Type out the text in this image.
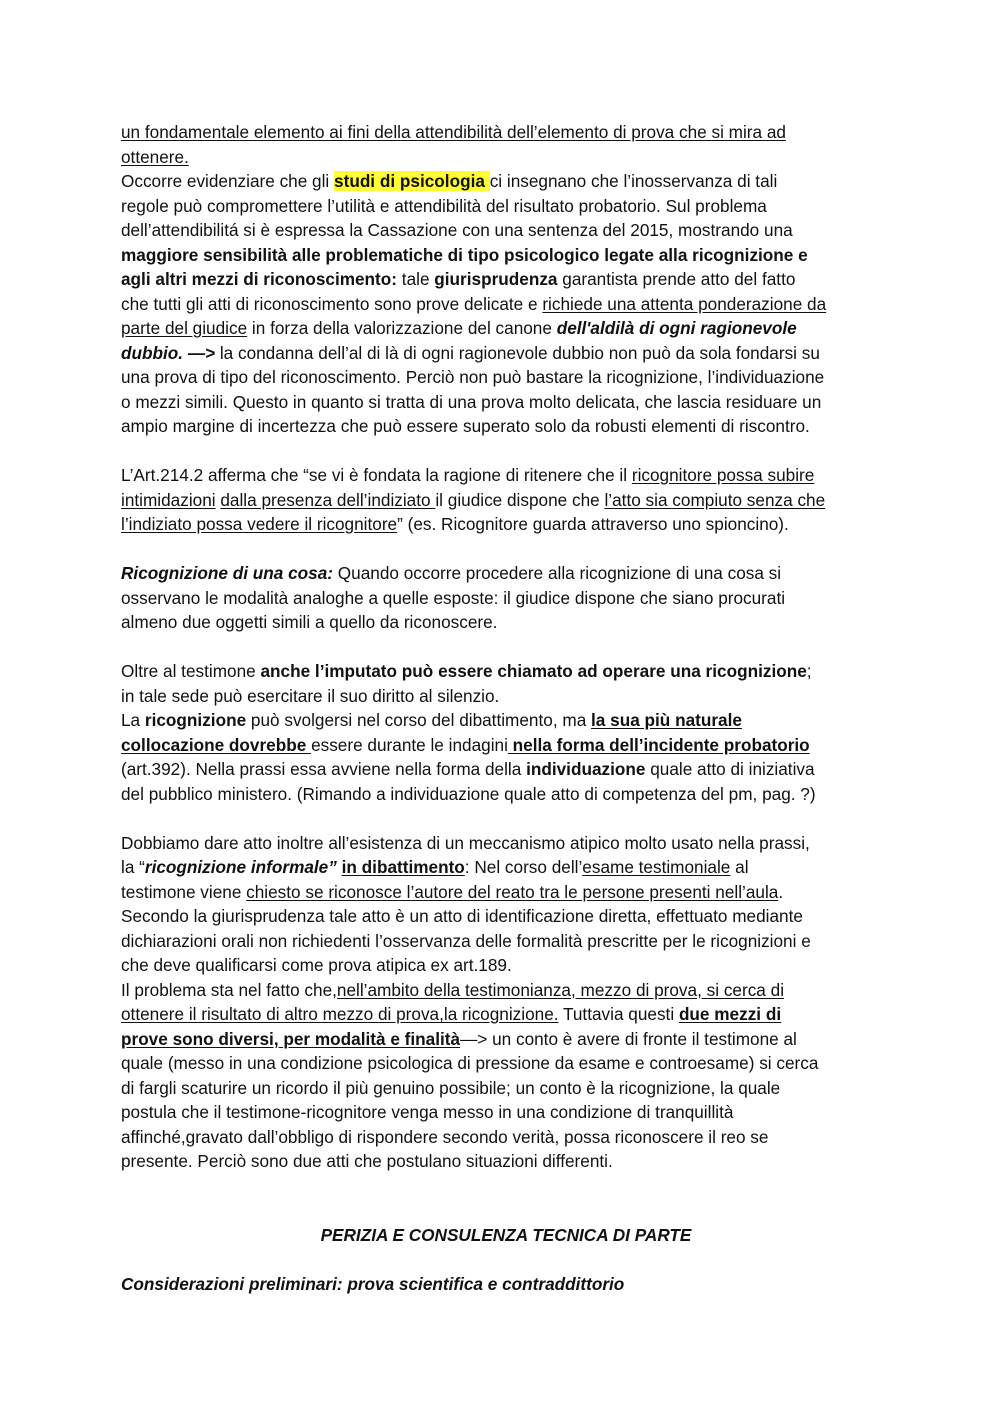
un fondamentale elemento ai fini della attendibilità dell’elemento di prova che si mira ad
ottenere.
Occorre evidenziare che gli studi di psicologia ci insegnano che l’inosservanza di tali
regole può compromettere l’utilità e attendibilità del risultato probatorio. Sul problema
dell’attendibilitá si è espressa la Cassazione con una sentenza del 2015, mostrando una
maggiore sensibilità alle problematiche di tipo psicologico legate alla ricognizione e
agli altri mezzi di riconoscimento: tale giurisprudenza garantista prende atto del fatto
che tutti gli atti di riconoscimento sono prove delicate e richiede una attenta ponderazione da
parte del giudice in forza della valorizzazione del canone dell'aldilà di ogni ragionevole
dubbio. —> la condanna dell’al di là di ogni ragionevole dubbio non può da sola fondarsi su
una prova di tipo del riconoscimento. Perciò non può bastare la ricognizione, l’individuazione
o mezzi simili. Questo in quanto si tratta di una prova molto delicata, che lascia residuare un
ampio margine di incertezza che può essere superato solo da robusti elementi di riscontro.
L’Art.214.2 afferma che “se vi è fondata la ragione di ritenere che il ricognitore possa subire
intimidazioni dalla presenza dell’indiziato il giudice dispone che l’atto sia compiuto senza che
l’indiziato possa vedere il ricognitore” (es. Ricognitore guarda attraverso uno spioncino).
Ricognizione di una cosa: Quando occorre procedere alla ricognizione di una cosa si
osservano le modalità analoghe a quelle esposte: il giudice dispone che siano procurati
almeno due oggetti simili a quello da riconoscere.
Oltre al testimone anche l’imputato può essere chiamato ad operare una ricognizione;
in tale sede può esercitare il suo diritto al silenzio.
La ricognizione può svolgersi nel corso del dibattimento, ma la sua più naturale
collocazione dovrebbe essere durante le indagini nella forma dell’incidente probatorio
(art.392). Nella prassi essa avviene nella forma della individuazione quale atto di iniziativa
del pubblico ministero. (Rimando a individuazione quale atto di competenza del pm, pag. ?)
Dobbiamo dare atto inoltre all’esistenza di un meccanismo atipico molto usato nella prassi,
la “ricognizione informale” in dibattimento: Nel corso dell’esame testimoniale al
testimone viene chiesto se riconosce l’autore del reato tra le persone presenti nell’aula.
Secondo la giurisprudenza tale atto è un atto di identificazione diretta, effettuato mediante
dichiarazioni orali non richiedenti l’osservanza delle formalità prescritte per le ricognizioni e
che deve qualificarsi come prova atipica ex art.189.
Il problema sta nel fatto che,nell’ambito della testimonianza, mezzo di prova, si cerca di
ottenere il risultato di altro mezzo di prova,la ricognizione. Tuttavia questi due mezzi di
prove sono diversi, per modalità e finalità—> un conto è avere di fronte il testimone al
quale (messo in una condizione psicologica di pressione da esame e controesame) si cerca
di fargli scaturire un ricordo il più genuino possibile; un conto è la ricognizione, la quale
postula che il testimone-ricognitore venga messo in una condizione di tranquillità
affinché,gravato dall’obbligo di rispondere secondo verità, possa riconoscere il reo se
presente. Perciò sono due atti che postulano situazioni differenti.
PERIZIA E CONSULENZA TECNICA DI PARTE
Considerazioni preliminari: prova scientifica e contraddittorio
